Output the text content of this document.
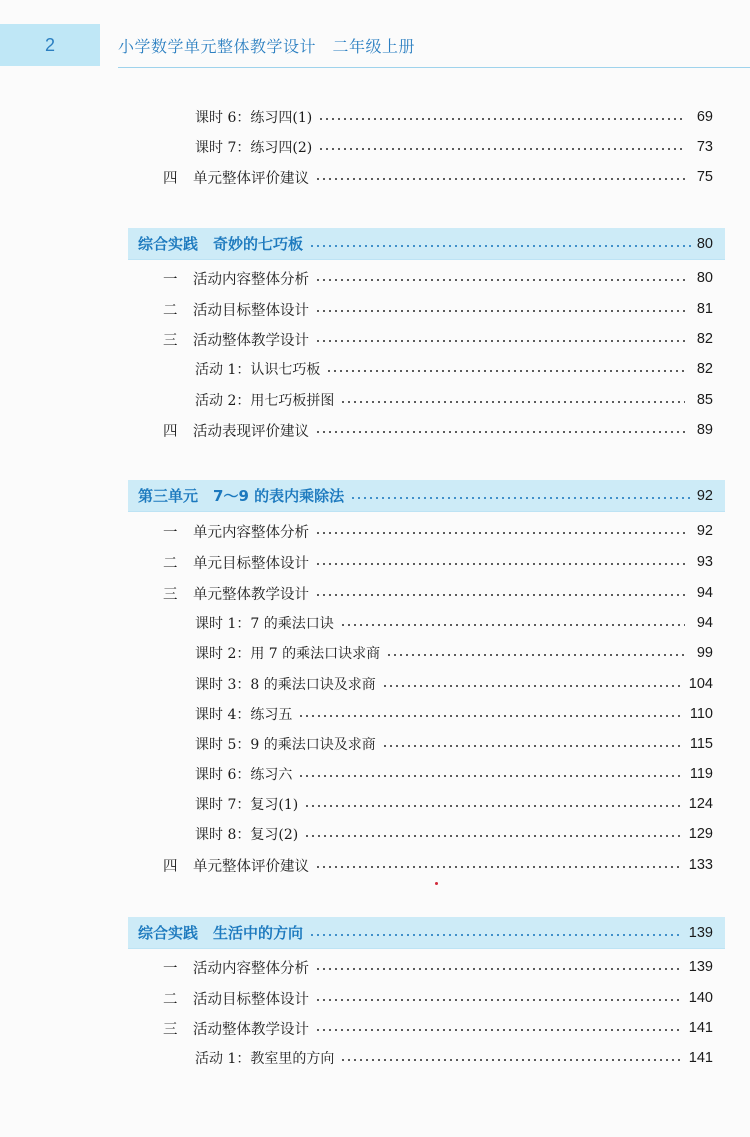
2	小学数学单元整体教学设计　二年级上册
课时 6：练习四(1)	69
课时 7：练习四(2)	73
四	单元整体评价建议	75
综合实践　奇妙的七巧板	80
一	活动内容整体分析	80
二	活动目标整体设计	81
三	活动整体教学设计	82
活动 1：认识七巧板	82
活动 2：用七巧板拼图	85
四	活动表现评价建议	89
第三单元　7～9 的表内乘除法	92
一	单元内容整体分析	92
二	单元目标整体设计	93
三	单元整体教学设计	94
课时 1：7 的乘法口诀	94
课时 2：用 7 的乘法口诀求商	99
课时 3：8 的乘法口诀及求商	104
课时 4：练习五	110
课时 5：9 的乘法口诀及求商	115
课时 6：练习六	119
课时 7：复习(1)	124
课时 8：复习(2)	129
四	单元整体评价建议	133
综合实践　生活中的方向	139
一	活动内容整体分析	139
二	活动目标整体设计	140
三	活动整体教学设计	141
活动 1：教室里的方向	141
